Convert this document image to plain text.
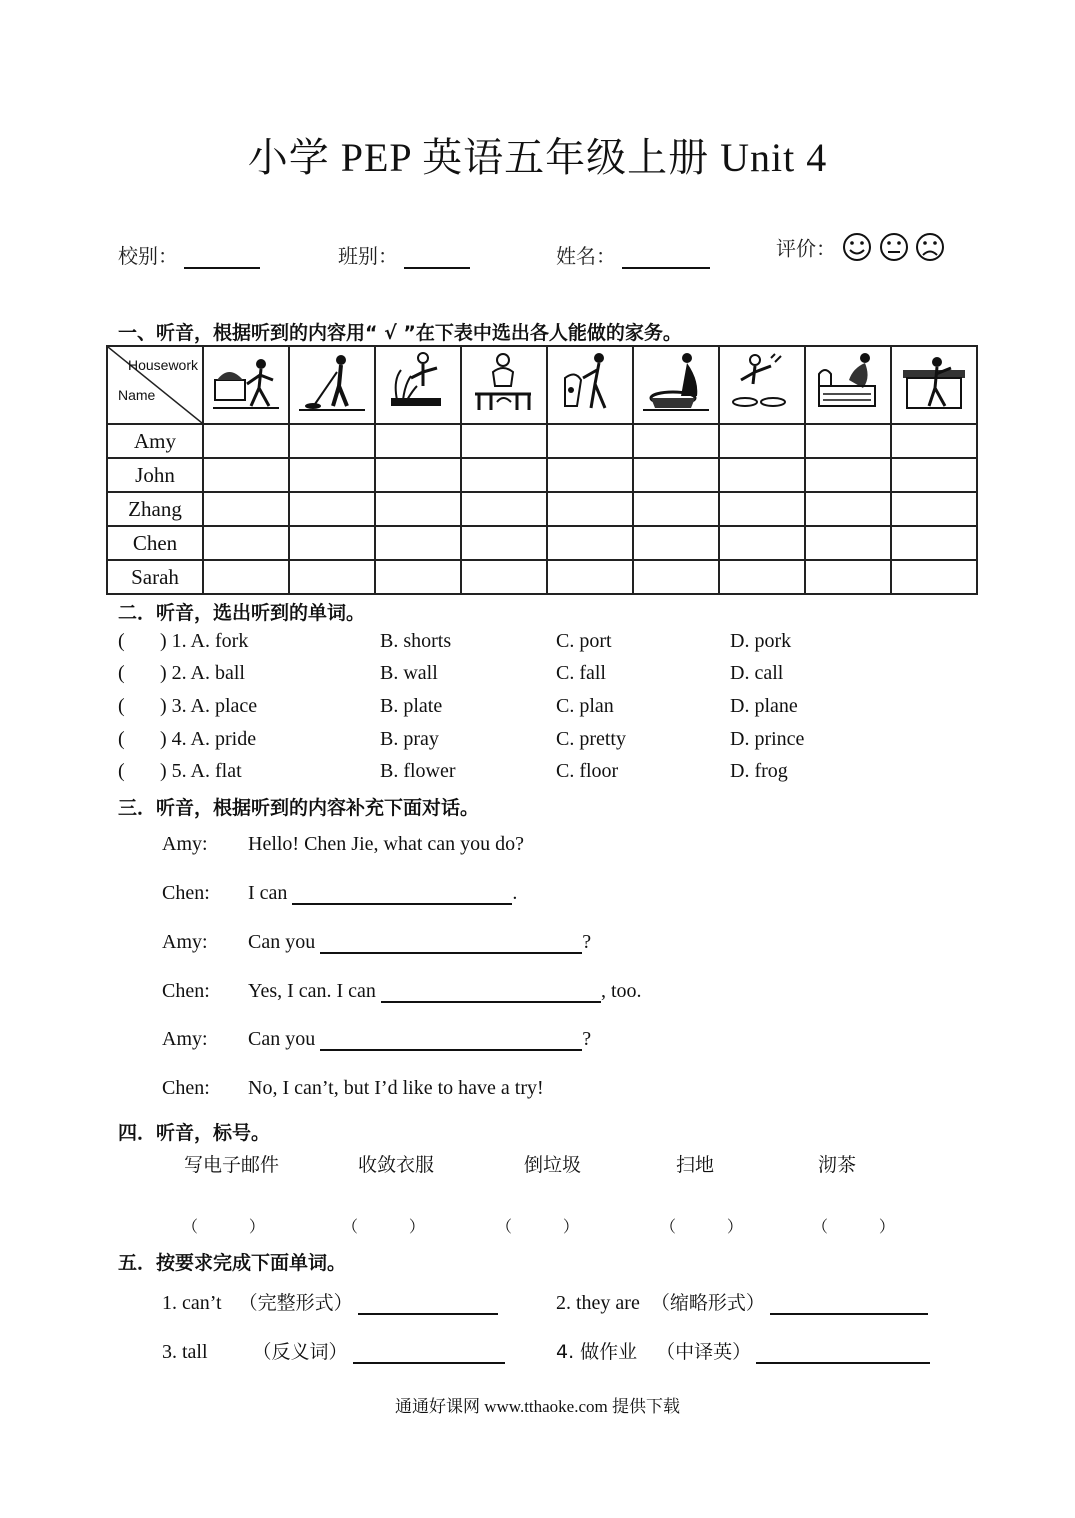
小学 PEP 英语五年级上册 Unit 4
校别：	班别：	姓名：	评价：
一、听音，根据听到的内容用“ √ ”在下表中选出各人能做的家务。
Housework
Name

Amy									
John									
Zhang									
Chen									
Sarah									
二．听音，选出听到的单词。
( ) 1. A. fork	B. shorts	C. port	D. pork
( ) 2. A. ball	B. wall	C. fall	D. call
( ) 3. A. place	B. plate	C. plan	D. plane
( ) 4. A. pride	B. pray	C. pretty	D. prince
( ) 5. A. flat	B. flower	C. floor	D. frog
三．听音，根据听到的内容补充下面对话。
Amy: Hello! Chen Jie, what can you do?
Chen: I can	.
Amy: Can you	?
Chen: Yes, I can. I can	, too.
Amy: Can you	?
Chen: No, I can’t, but I’d like to have a try!
四．听音，标号。
写电子邮件	收敛衣服	倒垃圾	扫地	沏茶
（          ）	（          ）	（          ）	（          ）	（          ）
五．按要求完成下面单词。
1. can’t （完整形式）	2. they are （缩略形式）
3. tall （反义词）	4. 做作业 （中译英）
通通好课网 www.tthaoke.com 提供下载
